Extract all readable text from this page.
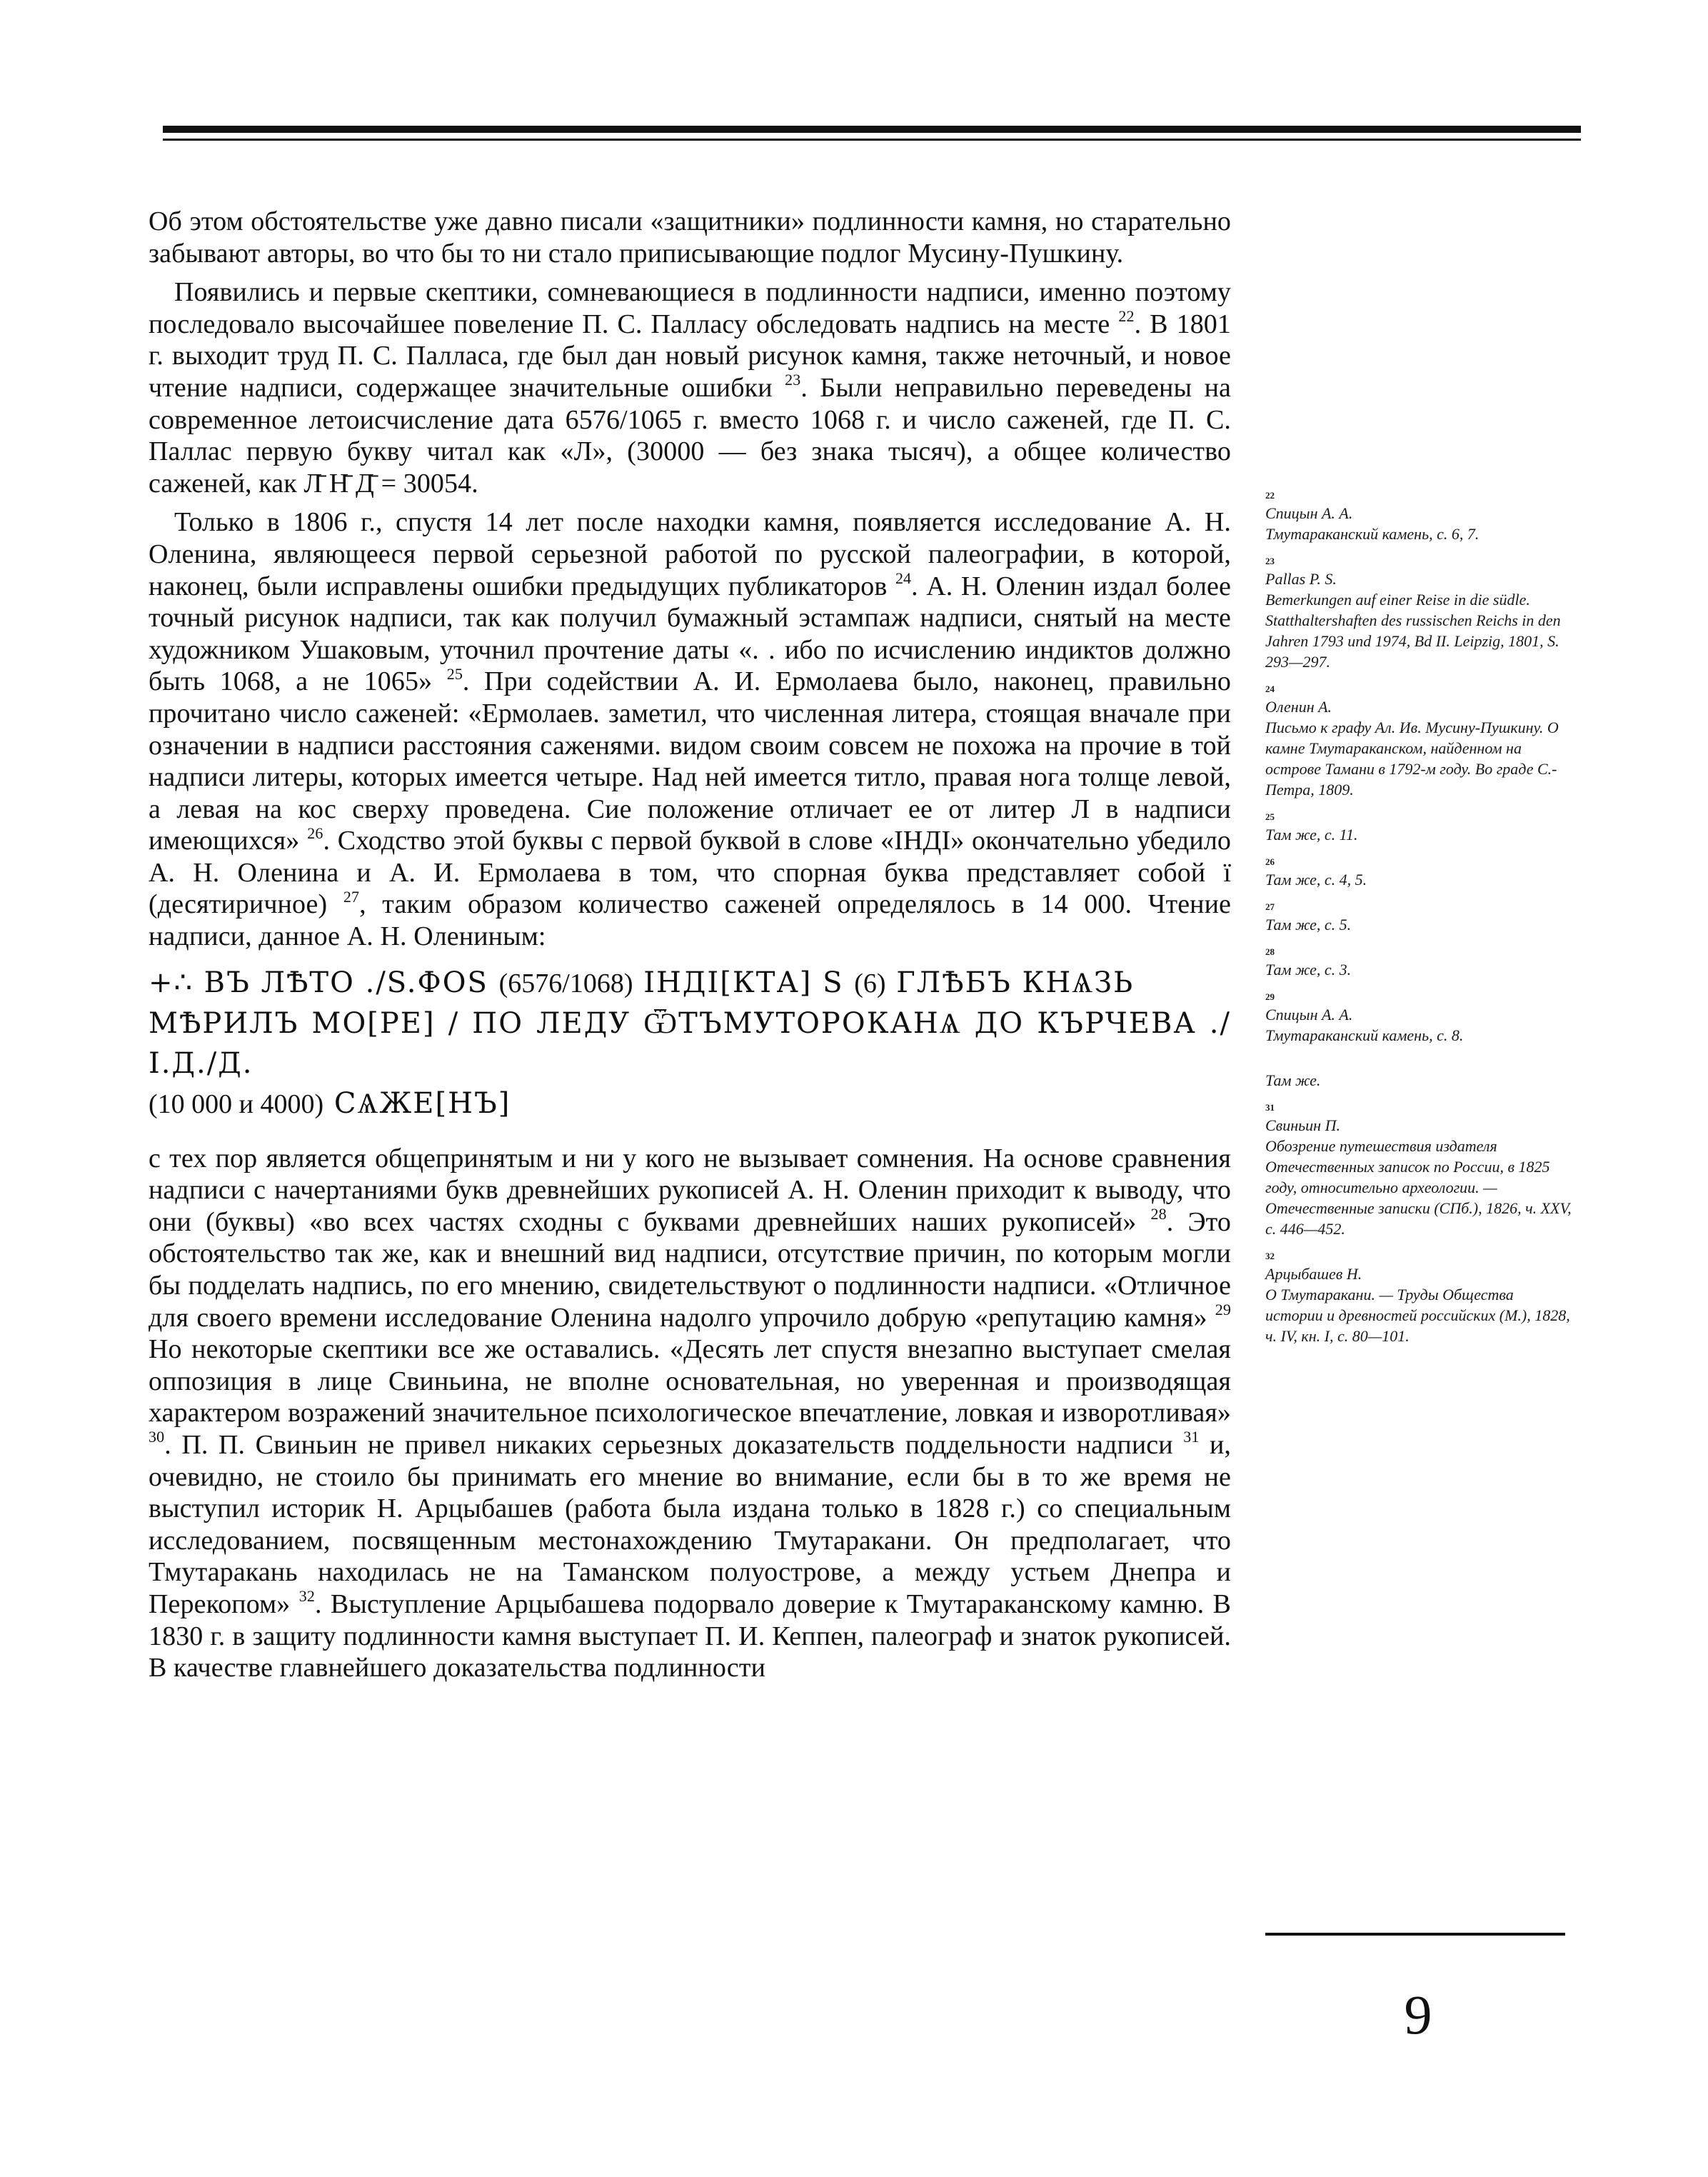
Об этом обстоятельстве уже давно писали «защитники» подлинности камня, но старательно забывают авторы, во что бы то ни стало приписывающие подлог Мусину-Пушкину.

Появились и первые скептики, сомневающиеся в подлинности надписи, именно поэтому последовало высочайшее повеление П. С. Палласу обследовать надпись на месте $^{22}$. В 1801 г. выходит труд П. С. Палласа, где был дан новый рисунок камня, также неточный, и новое чтение надписи, содержащее значительные ошибки $^{23}$. Были неправильно переведены на современное летоисчисление дата 6576/1065 г. вместо 1068 г. и число саженей, где П. С. Паллас первую букву читал как «Л», (30000 — без знака тысяч), а общее количество саженей, как Л̄ Н̄ Д̄ = 30054.

Только в 1806 г., спустя 14 лет после находки камня, появляется исследование А. Н. Оленина, являющееся первой серьезной работой по русской палеографии, в которой, наконец, были исправлены ошибки предыдущих публикаторов $^{24}$. А. Н. Оленин издал более точный рисунок надписи, так как получил бумажный эстампаж надписи, снятый на месте художником Ушаковым, уточнил прочтение даты «. . ибо по исчислению индиктов должно быть 1068, а не 1065» $^{25}$. При содействии А. И. Ермолаева было, наконец, правильно прочитано число саженей: «Ермолаев. заметил, что численная литера, стоящая вначале при означении в надписи расстояния саженями. видом своим совсем не похожа на прочие в той надписи литеры, которых имеется четыре. Над ней имеется титло, правая нога толще левой, а левая на кос сверху проведена. Сие положение отличает ее от литер Л в надписи имеющихся» $^{26}$. Сходство этой буквы с первой буквой в слове «ІНДІ» окончательно убедило А. Н. Оленина и А. И. Ермолаева в том, что спорная буква представляет собой ї (десятиричное) $^{27}$, таким образом количество саженей определялось в 14 000. Чтение надписи, данное А. Н. Олениным:

+∴ ВЪ ЛѢТО ./S.ФОS (6576/1068) ІНДІ[КТА] S (6) ГЛѢБЪ КНѦЗЬ
МѢРИЛЪ МО[РЕ] / ПО ЛЕДУ ѾТЪМУТОРОКАНѦ ДО КЪРЧЕВА ./І.Д./Д.
(10 000 и 4000) СѦЖЕ[НЪ]

с тех пор является общепринятым и ни у кого не вызывает сомнения. На основе сравнения надписи с начертаниями букв древнейших рукописей А. Н. Оленин приходит к выводу, что они (буквы) «во всех частях сходны с буквами древнейших наших рукописей» $^{28}$. Это обстоятельство так же, как и внешний вид надписи, отсутствие причин, по которым могли бы подделать надпись, по его мнению, свидетельствуют о подлинности надписи. «Отличное для своего времени исследование Оленина надолго упрочило добрую «репутацию камня» $^{29}$ Но некоторые скептики все же оставались. «Десять лет спустя внезапно выступает смелая оппозиция в лице Свиньина, не вполне основательная, но уверенная и производящая характером возражений значительное психологическое впечатление, ловкая и изворотливая» $^{30}$. П. П. Свиньин не привел никаких серьезных доказательств поддельности надписи $^{31}$ и, очевидно, не стоило бы принимать его мнение во внимание, если бы в то же время не выступил историк Н. Арцыбашев (работа была издана только в 1828 г.) со специальным исследованием, посвященным местонахождению Тмутаракани. Он предполагает, что Тмутаракань находилась не на Таманском полуострове, а между устьем Днепра и Перекопом» $^{32}$. Выступление Арцыбашева подорвало доверие к Тмутараканскому камню. В 1830 г. в защиту подлинности камня выступает П. И. Кеппен, палеограф и знаток рукописей. В качестве главнейшего доказательства подлинности

22
Спицын А. А.
Тмутараканский камень, с. 6, 7.
23
Pallas P. S.
Bemerkungen auf einer Reise in die südle. Statthaltershaften des russischen Reichs in den Jahren 1793 und 1974, Bd II. Leipzig, 1801, S. 293—297.
24
Оленин А.
Письмо к графу Ал. Ив. Мусину-Пушкину. О камне Тмутараканском, найденном на острове Тамани в 1792-м году. Во граде С.-Петра, 1809.
25
Там же, с. 11.
26
Там же, с. 4, 5.
27
Там же, с. 5.
28
Там же, с. 3.
29
Спицын А. А.
Тмутараканский камень, с. 8.
Там же.
31
Свиньин П.
Обозрение путешествия издателя Отечественных записок по России, в 1825 году, относительно археологии. — Отечественные записки (СПб.), 1826, ч. XXV, с. 446—452.
32
Арцыбашев Н.
О Тмутаракани. — Труды Общества истории и древностей российских (М.), 1828, ч. IV, кн. I, с. 80—101.
9
